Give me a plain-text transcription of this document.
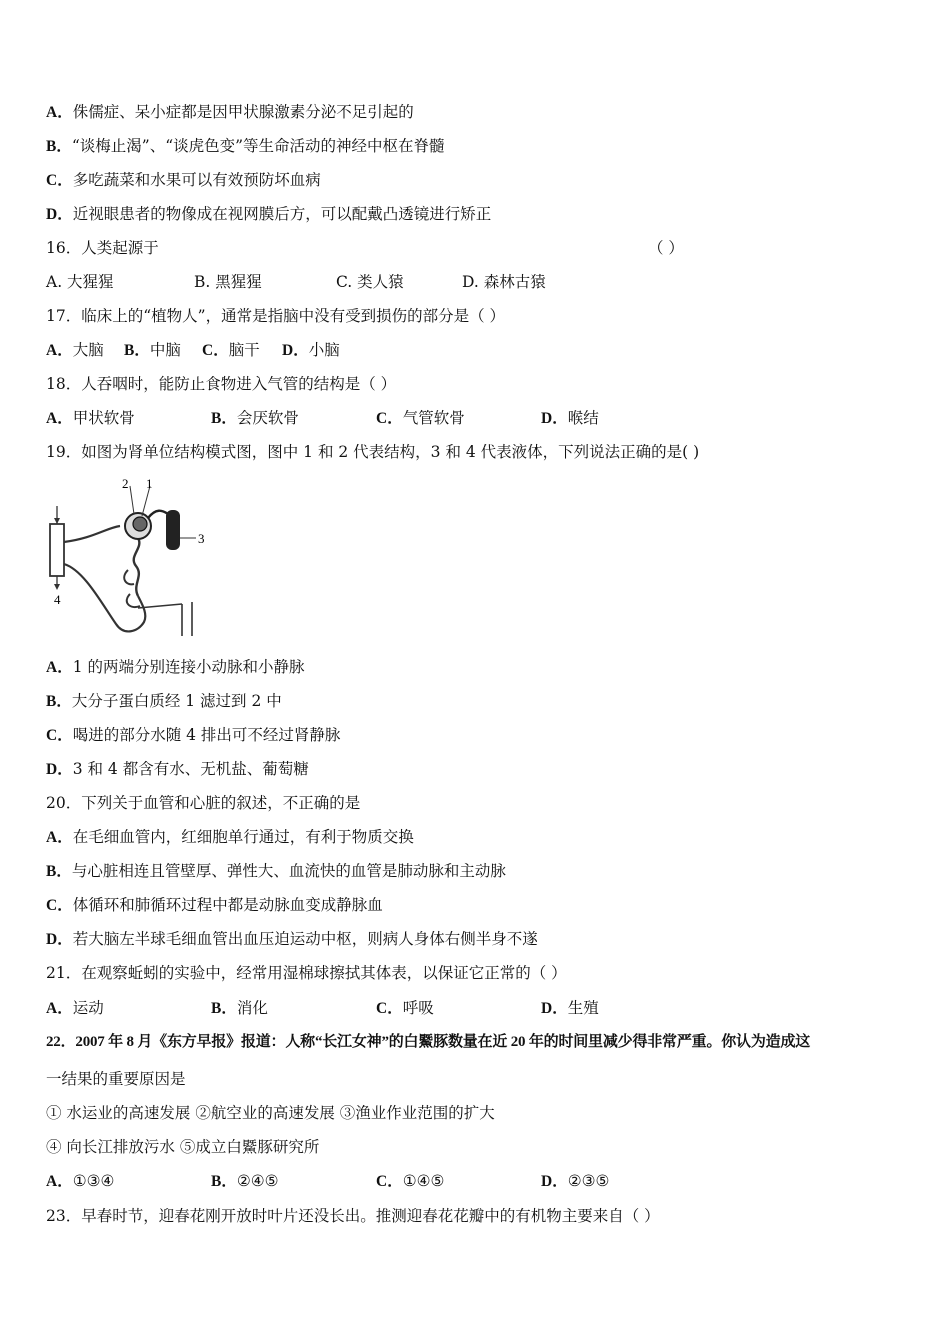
A．侏儒症、呆小症都是因甲状腺激素分泌不足引起的
B．“谈梅止渴”、“谈虎色变”等生命活动的神经中枢在脊髓
C．多吃蔬菜和水果可以有效预防坏血病
D．近视眼患者的物像成在视网膜后方，可以配戴凸透镜进行矫正
16．人类起源于	（ ）
A. 大猩猩	B. 黑猩猩	C. 类人猿	D. 森林古猿
17．临床上的“植物人”，通常是指脑中没有受到损伤的部分是（ ）
A．大脑 B．中脑 C．脑干 D．小脑
18．人吞咽时，能防止食物进入气管的结构是（ ）
A．甲状软骨	B．会厌软骨	C．气管软骨	D．喉结
19．如图为肾单位结构模式图，图中 1 和 2 代表结构，3 和 4 代表液体，下列说法正确的是( )
2 1
3
4
A．1 的两端分别连接小动脉和小静脉
B．大分子蛋白质经 1 滤过到 2 中
C．喝进的部分水随 4 排出可不经过肾静脉
D．3 和 4 都含有水、无机盐、葡萄糖
20．下列关于血管和心脏的叙述，不正确的是
A．在毛细血管内，红细胞单行通过，有利于物质交换
B．与心脏相连且管壁厚、弹性大、血流快的血管是肺动脉和主动脉
C．体循环和肺循环过程中都是动脉血变成静脉血
D．若大脑左半球毛细血管出血压迫运动中枢，则病人身体右侧半身不遂
21．在观察蚯蚓的实验中，经常用湿棉球擦拭其体表，以保证它正常的（ ）
A．运动	B．消化	C．呼吸	D．生殖
22．2007 年 8 月《东方早报》报道：人称“长江女神”的白鱀豚数量在近 20 年的时间里减少得非常严重。你认为造成这
一结果的重要原因是
① 水运业的高速发展 ②航空业的高速发展 ③渔业作业范围的扩大
④ 向长江排放污水 ⑤成立白鱀豚研究所
A．①③④	B．②④⑤	C．①④⑤	D．②③⑤
23．早春时节，迎春花刚开放时叶片还没长出。推测迎春花花瓣中的有机物主要来自（ ）
